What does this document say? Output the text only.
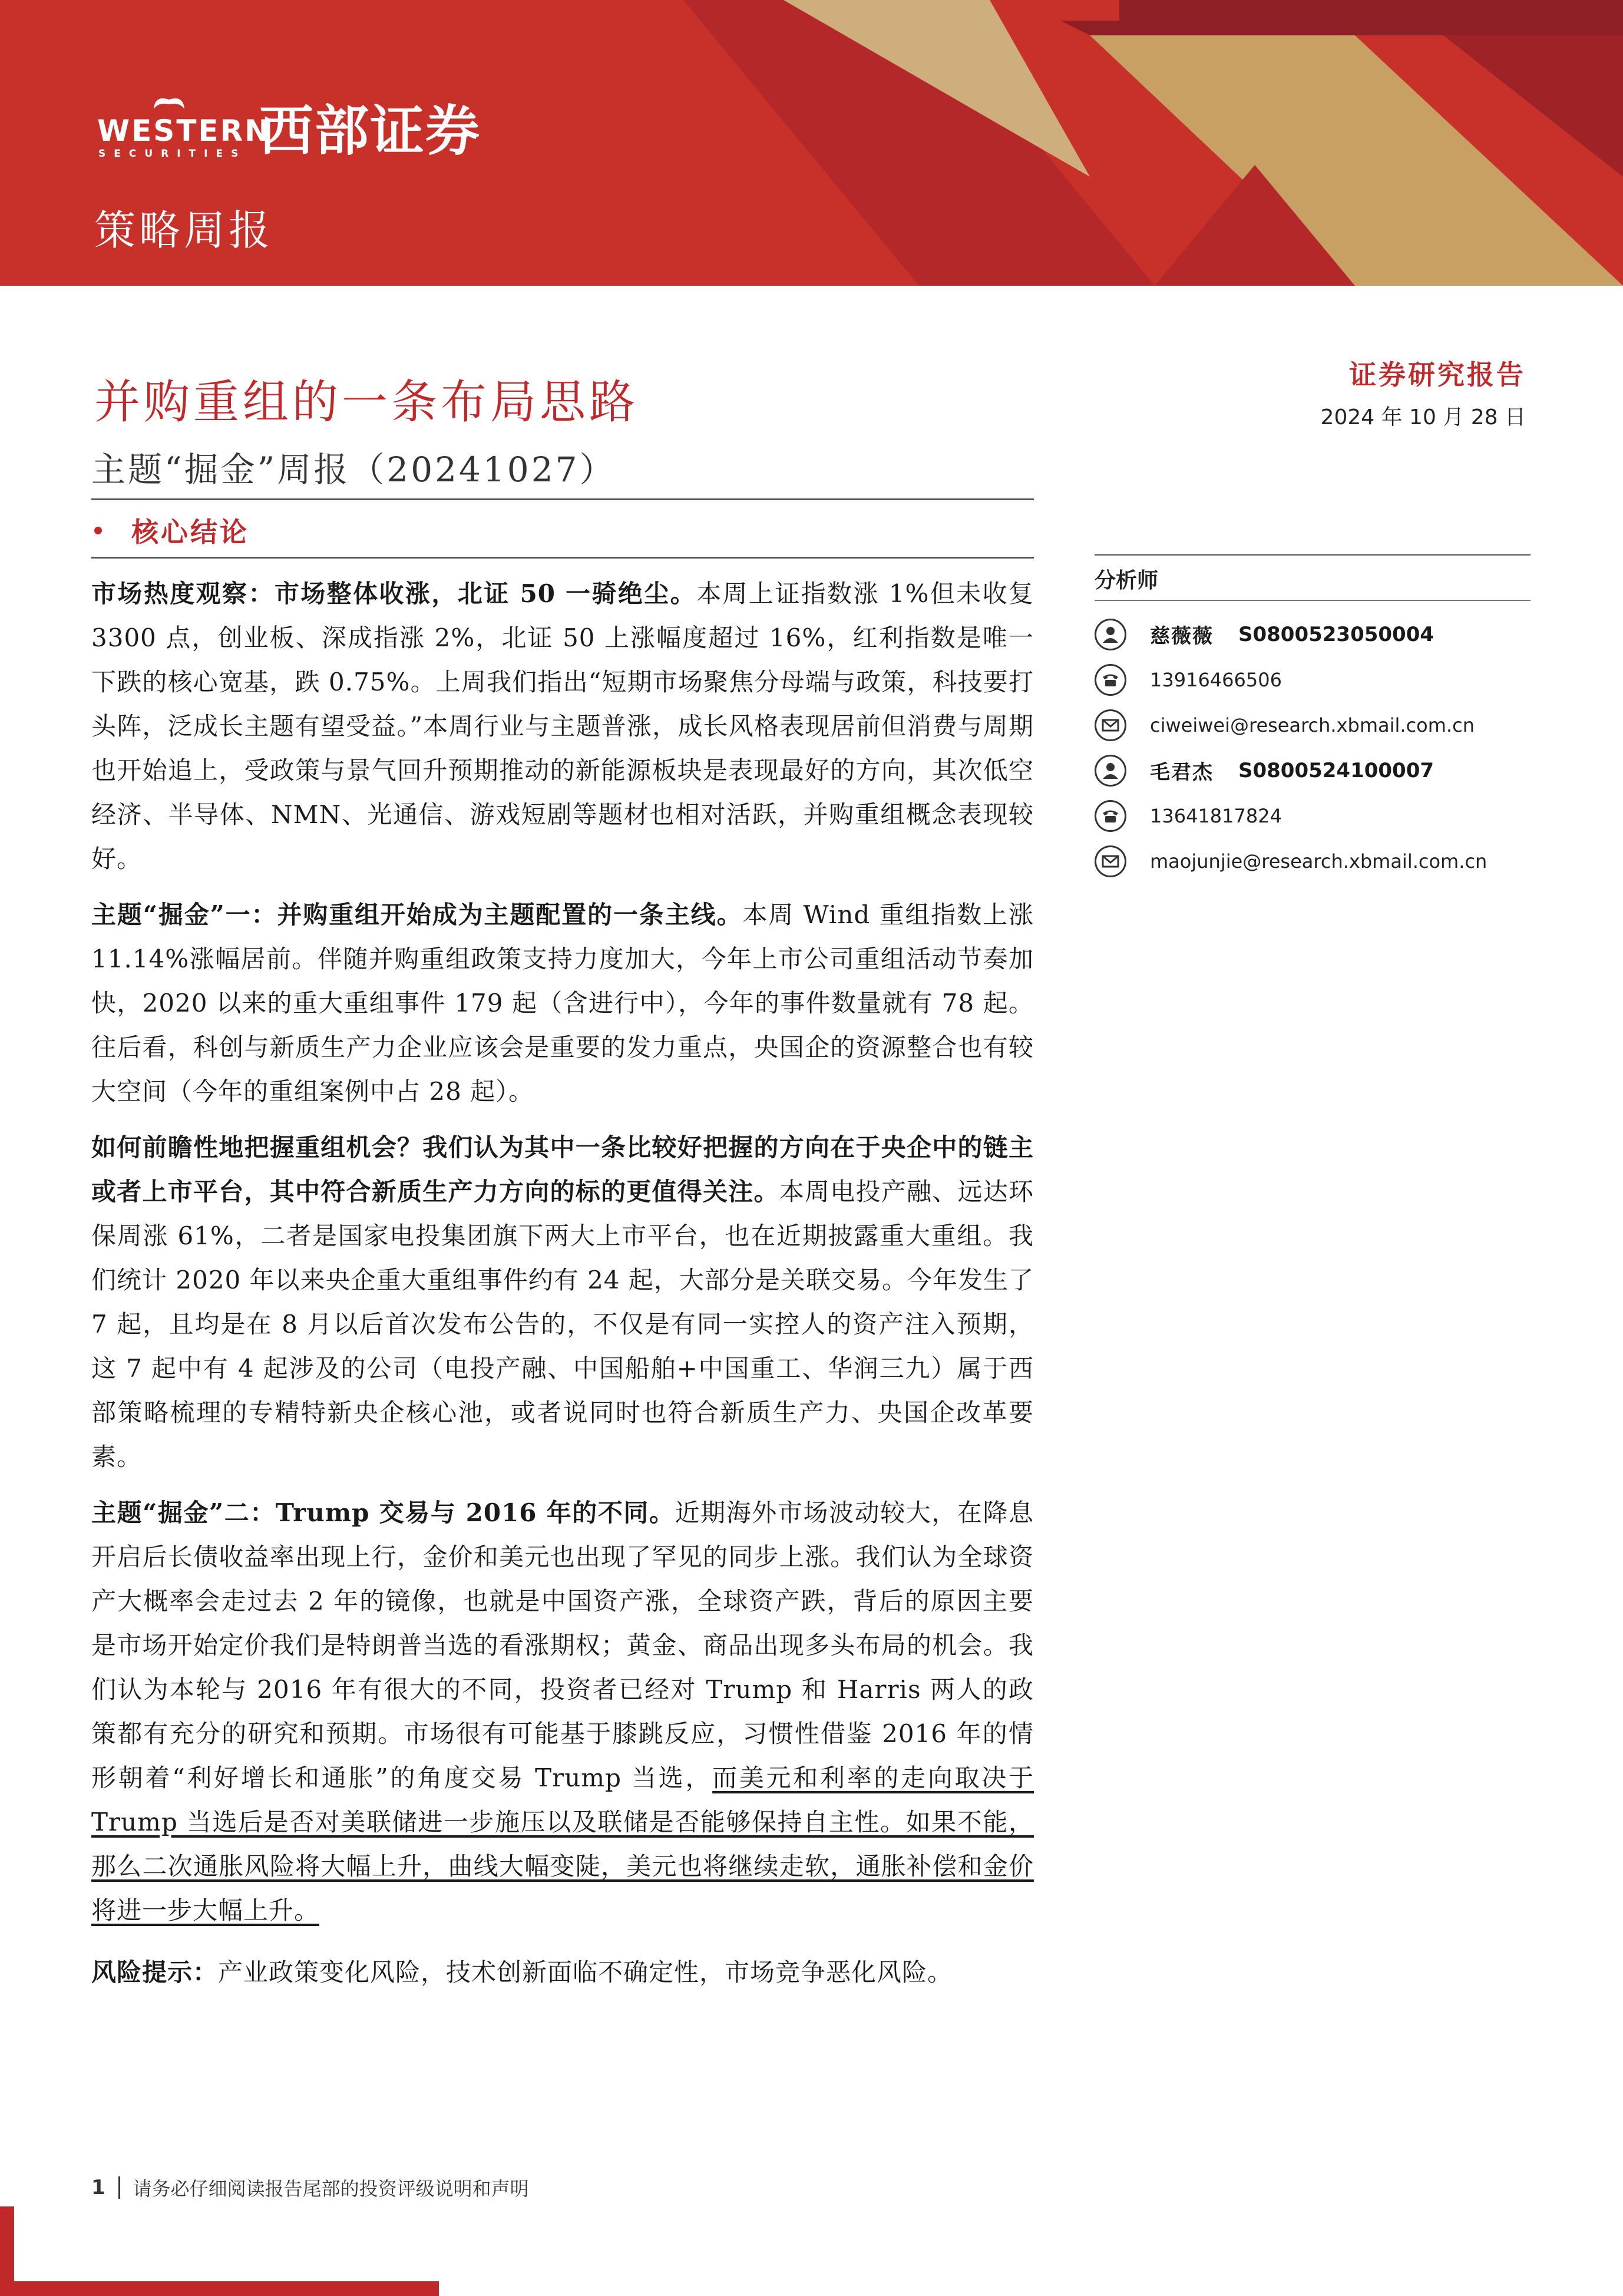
WESTERN
SECURITIES 西部证券
策略周报
并购重组的一条布局思路
主题“掘金”周报（20241027）
核心结论
证券研究报告
2024 年 10 月 28 日

市场热度观察：市场整体收涨，北证 50 一骑绝尘。本周上证指数涨 1%但未收复 3300 点，创业板、深成指涨 2%，北证 50 上涨幅度超过 16%，红利指数是唯一下跌的核心宽基，跌 0.75%。上周我们指出“短期市场聚焦分母端与政策，科技要打头阵，泛成长主题有望受益。”本周行业与主题普涨，成长风格表现居前但消费与周期也开始追上，受政策与景气回升预期推动的新能源板块是表现最好的方向，其次低空经济、半导体、NMN、光通信、游戏短剧等题材也相对活跃，并购重组概念表现较好。

主题“掘金”一：并购重组开始成为主题配置的一条主线。本周 Wind 重组指数上涨 11.14%涨幅居前。伴随并购重组政策支持力度加大，今年上市公司重组活动节奏加快，2020 以来的重大重组事件 179 起（含进行中），今年的事件数量就有 78 起。往后看，科创与新质生产力企业应该会是重要的发力重点，央国企的资源整合也有较大空间（今年的重组案例中占 28 起）。

如何前瞻性地把握重组机会？我们认为其中一条比较好把握的方向在于央企中的链主或者上市平台，其中符合新质生产力方向的标的更值得关注。本周电投产融、远达环保周涨 61%，二者是国家电投集团旗下两大上市平台，也在近期披露重大重组。我们统计 2020 年以来央企重大重组事件约有 24 起，大部分是关联交易。今年发生了 7 起，且均是在 8 月以后首次发布公告的，不仅是有同一实控人的资产注入预期，这 7 起中有 4 起涉及的公司（电投产融、中国船舶+中国重工、华润三九）属于西部策略梳理的专精特新央企核心池，或者说同时也符合新质生产力、央国企改革要素。

主题“掘金”二：Trump 交易与 2016 年的不同。近期海外市场波动较大，在降息开启后长债收益率出现上行，金价和美元也出现了罕见的同步上涨。我们认为全球资产大概率会走过去 2 年的镜像，也就是中国资产涨，全球资产跌，背后的原因主要是市场开始定价我们是特朗普当选的看涨期权；黄金、商品出现多头布局的机会。我们认为本轮与 2016 年有很大的不同，投资者已经对 Trump 和 Harris 两人的政策都有充分的研究和预期。市场很有可能基于膝跳反应，习惯性借鉴 2016 年的情形朝着“利好增长和通胀”的角度交易 Trump 当选，而美元和利率的走向取决于 Trump 当选后是否对美联储进一步施压以及联储是否能够保持自主性。如果不能，那么二次通胀风险将大幅上升，曲线大幅变陡，美元也将继续走软，通胀补偿和金价将进一步大幅上升。

风险提示：产业政策变化风险，技术创新面临不确定性，市场竞争恶化风险。

分析师
慈薇薇 S0800523050004
13916466506
ciweiwei@research.xbmail.com.cn
毛君杰 S0800524100007
13641817824
maojunjie@research.xbmail.com.cn
1 请务必仔细阅读报告尾部的投资评级说明和声明
